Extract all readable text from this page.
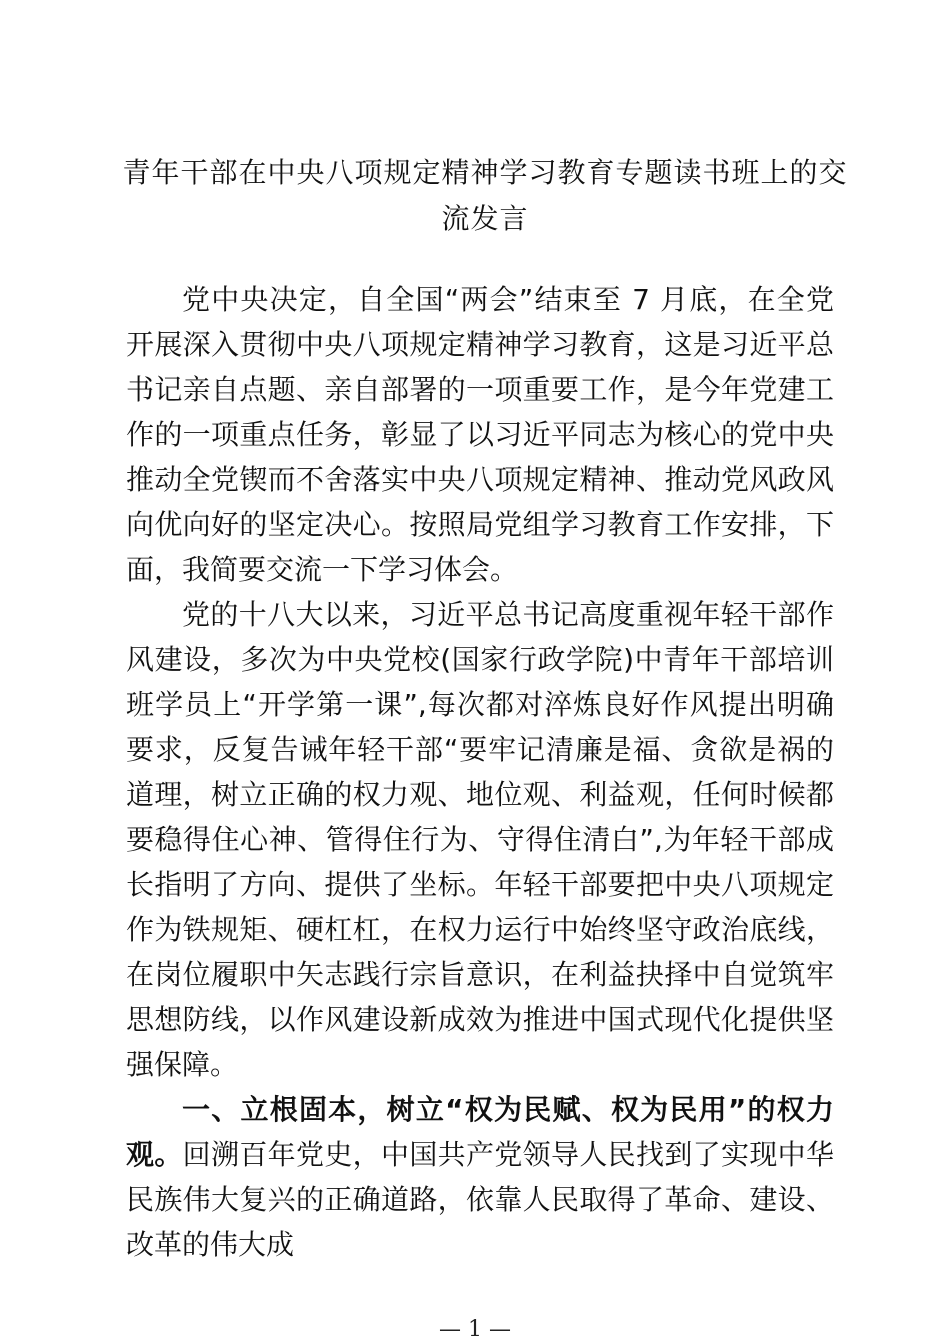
青年干部在中央八项规定精神学习教育专题读书班上的交流发言

党中央决定，自全国“两会”结束至 7 月底，在全党开展深入贯彻中央八项规定精神学习教育，这是习近平总书记亲自点题、亲自部署的一项重要工作，是今年党建工作的一项重点任务，彰显了以习近平同志为核心的党中央推动全党锲而不舍落实中央八项规定精神、推动党风政风向优向好的坚定决心。按照局党组学习教育工作安排，下面，我简要交流一下学习体会。

党的十八大以来，习近平总书记高度重视年轻干部作风建设，多次为中央党校(国家行政学院)中青年干部培训班学员上“开学第一课”,每次都对淬炼良好作风提出明确要求，反复告诫年轻干部“要牢记清廉是福、贪欲是祸的道理，树立正确的权力观、地位观、利益观，任何时候都要稳得住心神、管得住行为、守得住清白”,为年轻干部成长指明了方向、提供了坐标。年轻干部要把中央八项规定作为铁规矩、硬杠杠，在权力运行中始终坚守政治底线，在岗位履职中矢志践行宗旨意识，在利益抉择中自觉筑牢思想防线，以作风建设新成效为推进中国式现代化提供坚强保障。

一、立根固本，树立“权为民赋、权为民用”的权力观。回溯百年党史，中国共产党领导人民找到了实现中华民族伟大复兴的正确道路，依靠人民取得了革命、建设、改革的伟大成

— 1 —
